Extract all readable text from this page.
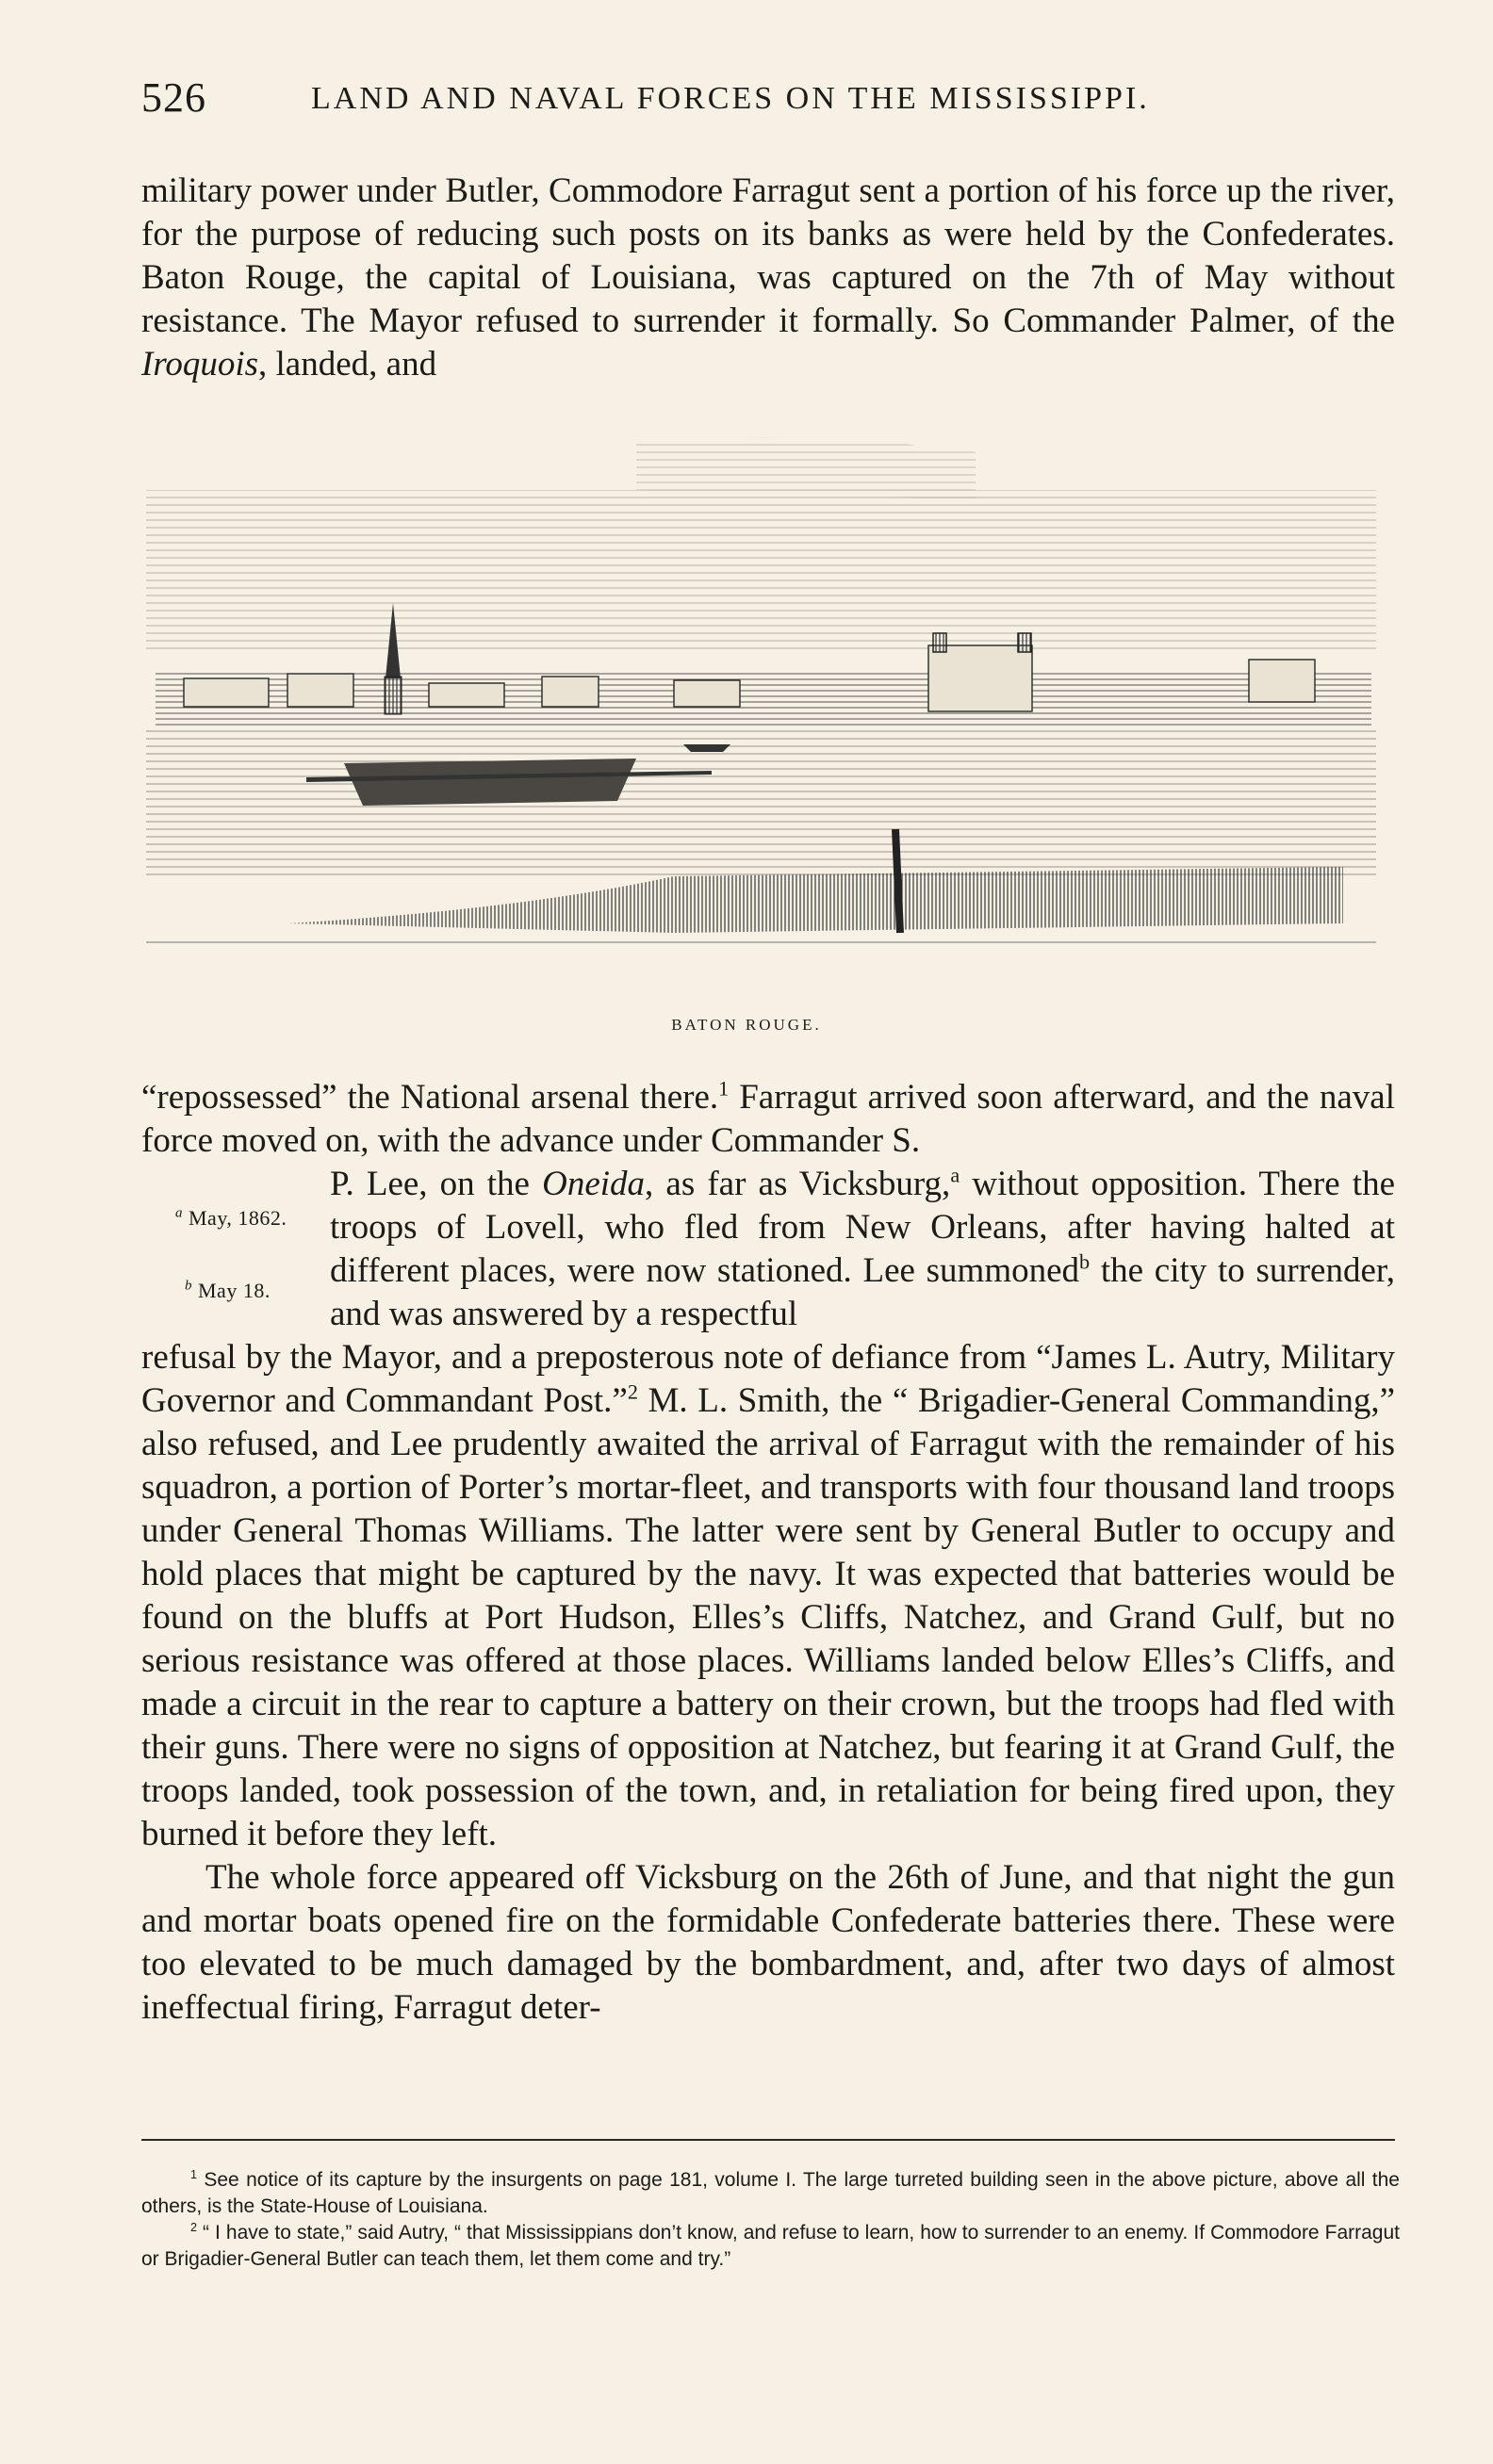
526	LAND AND NAVAL FORCES ON THE MISSISSIPPI.

military power under Butler, Commodore Farragut sent a portion of his force up the river, for the purpose of reducing such posts on its banks as were held by the Confederates. Baton Rouge, the capital of Louisiana, was captured on the 7th of May without resistance. The Mayor refused to surrender it formally. So Commander Palmer, of the Iroquois, landed, and

BATON ROUGE.

“repossessed” the National arsenal there.$^1$ Farragut arrived soon afterward, and the naval force moved on, with the advance under Commander S.

P. Lee, on the Oneida, as far as Vicksburg,$^a$ without opposition. There the troops of Lovell, who fled from New Orleans, after having halted at different places, were now stationed. Lee summoned$^b$ the city to surrender, and was answered by a respectful

refusal by the Mayor, and a preposterous note of defiance from “James L. Autry, Military Governor and Commandant Post.”$^2$ M. L. Smith, the “ Brigadier-General Commanding,” also refused, and Lee prudently awaited the arrival of Farragut with the remainder of his squadron, a portion of Porter’s mortar-fleet, and transports with four thousand land troops under General Thomas Williams. The latter were sent by General Butler to occupy and hold places that might be captured by the navy. It was expected that batteries would be found on the bluffs at Port Hudson, Elles’s Cliffs, Natchez, and Grand Gulf, but no serious resistance was offered at those places. Williams landed below Elles’s Cliffs, and made a circuit in the rear to capture a battery on their crown, but the troops had fled with their guns. There were no signs of opposition at Natchez, but fearing it at Grand Gulf, the troops landed, took possession of the town, and, in retaliation for being fired upon, they burned it before they left.

The whole force appeared off Vicksburg on the 26th of June, and that night the gun and mortar boats opened fire on the formidable Confederate batteries there. These were too elevated to be much damaged by the bombardment, and, after two days of almost ineffectual firing, Farragut deter-

$^a$ May, 1862.
$^b$ May 18.

$^1$ See notice of its capture by the insurgents on page 181, volume I. The large turreted building seen in the above picture, above all the others, is the State-House of Louisiana.

$^2$ “ I have to state,” said Autry, “ that Mississippians don’t know, and refuse to learn, how to surrender to an enemy. If Commodore Farragut or Brigadier-General Butler can teach them, let them come and try.”
